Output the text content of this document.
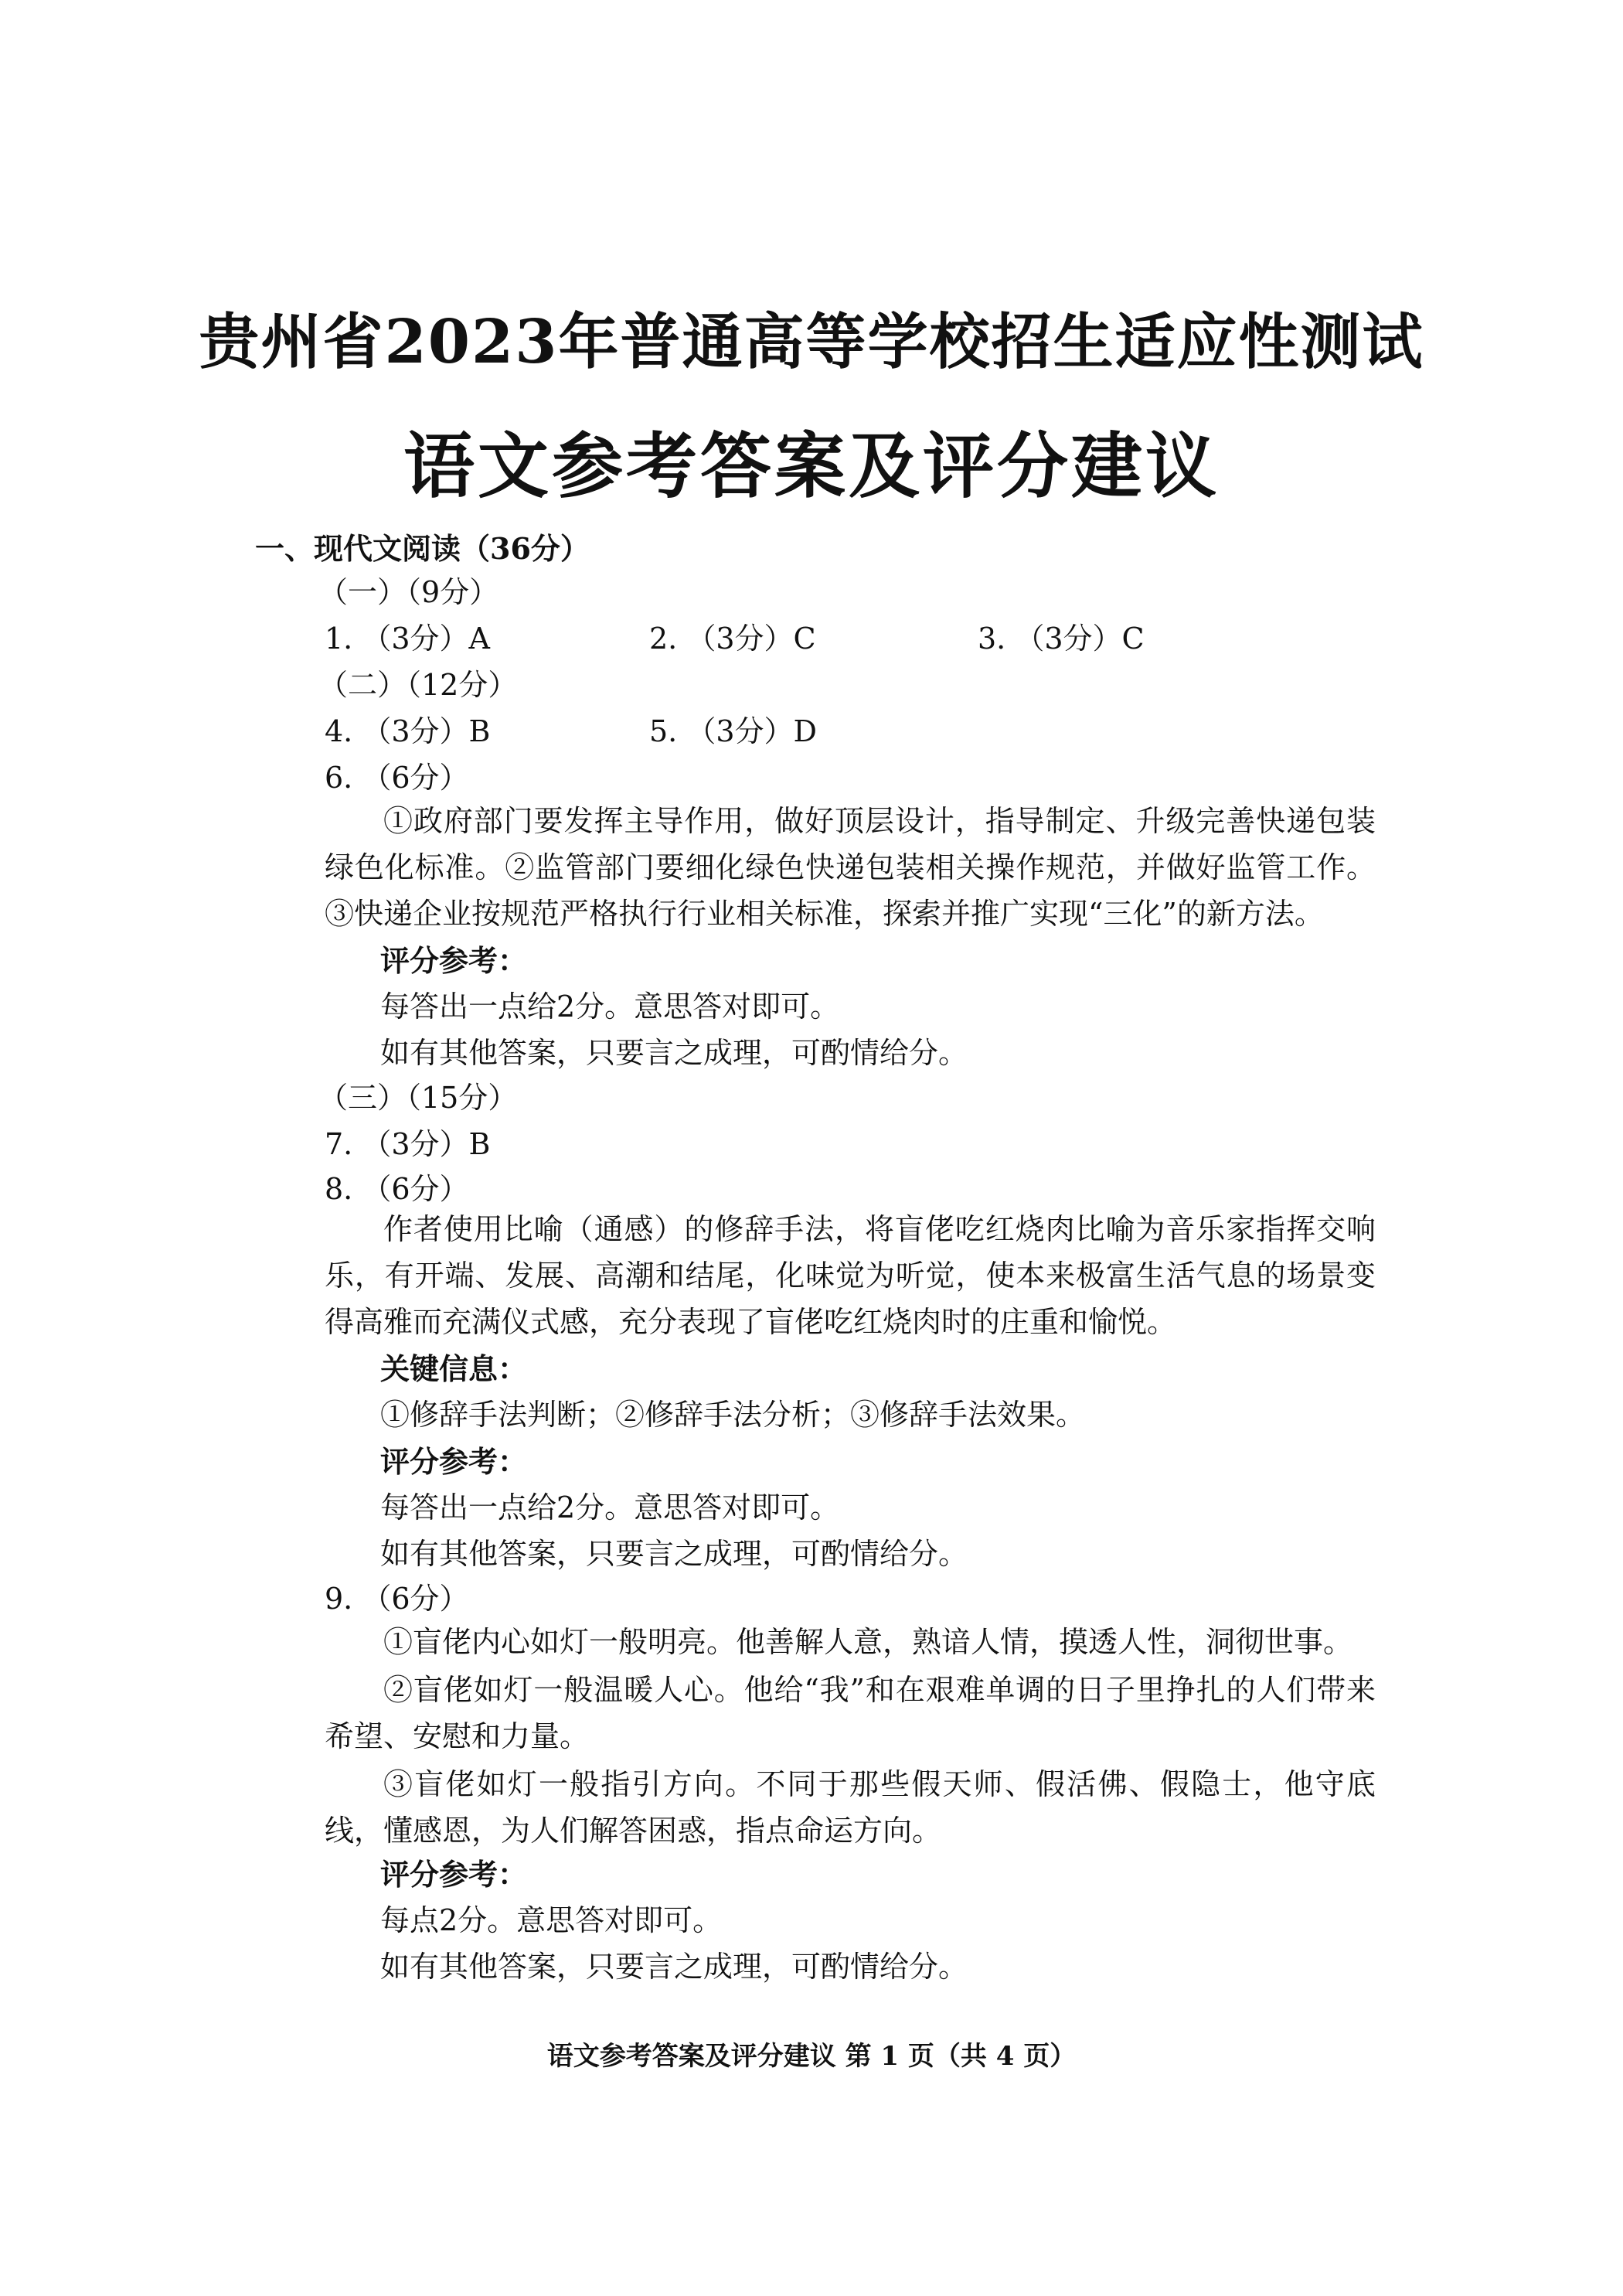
贵州省2023年普通高等学校招生适应性测试
语文参考答案及评分建议
一、现代文阅读（36分）
（一）（9分）
1. （3分）A	2. （3分）C	3. （3分）C
（二）（12分）
4. （3分）B	5. （3分）D
6. （6分）
①政府部门要发挥主导作用，做好顶层设计，指导制定、升级完善快递包装绿色化标准。②监管部门要细化绿色快递包装相关操作规范，并做好监管工作。③快递企业按规范严格执行行业相关标准，探索并推广实现“三化”的新方法。
评分参考：
每答出一点给2分。意思答对即可。
如有其他答案，只要言之成理，可酌情给分。
（三）（15分）
7. （3分）B
8. （6分）
作者使用比喻（通感）的修辞手法，将盲佬吃红烧肉比喻为音乐家指挥交响乐，有开端、发展、高潮和结尾，化味觉为听觉，使本来极富生活气息的场景变得高雅而充满仪式感，充分表现了盲佬吃红烧肉时的庄重和愉悦。
关键信息：
①修辞手法判断；②修辞手法分析；③修辞手法效果。
评分参考：
每答出一点给2分。意思答对即可。
如有其他答案，只要言之成理，可酌情给分。
9. （6分）
①盲佬内心如灯一般明亮。他善解人意，熟谙人情，摸透人性，洞彻世事。
②盲佬如灯一般温暖人心。他给“我”和在艰难单调的日子里挣扎的人们带来希望、安慰和力量。
③盲佬如灯一般指引方向。不同于那些假天师、假活佛、假隐士，他守底线，懂感恩，为人们解答困惑，指点命运方向。
评分参考：
每点2分。意思答对即可。
如有其他答案，只要言之成理，可酌情给分。
语文参考答案及评分建议 第 1 页（共 4 页）
